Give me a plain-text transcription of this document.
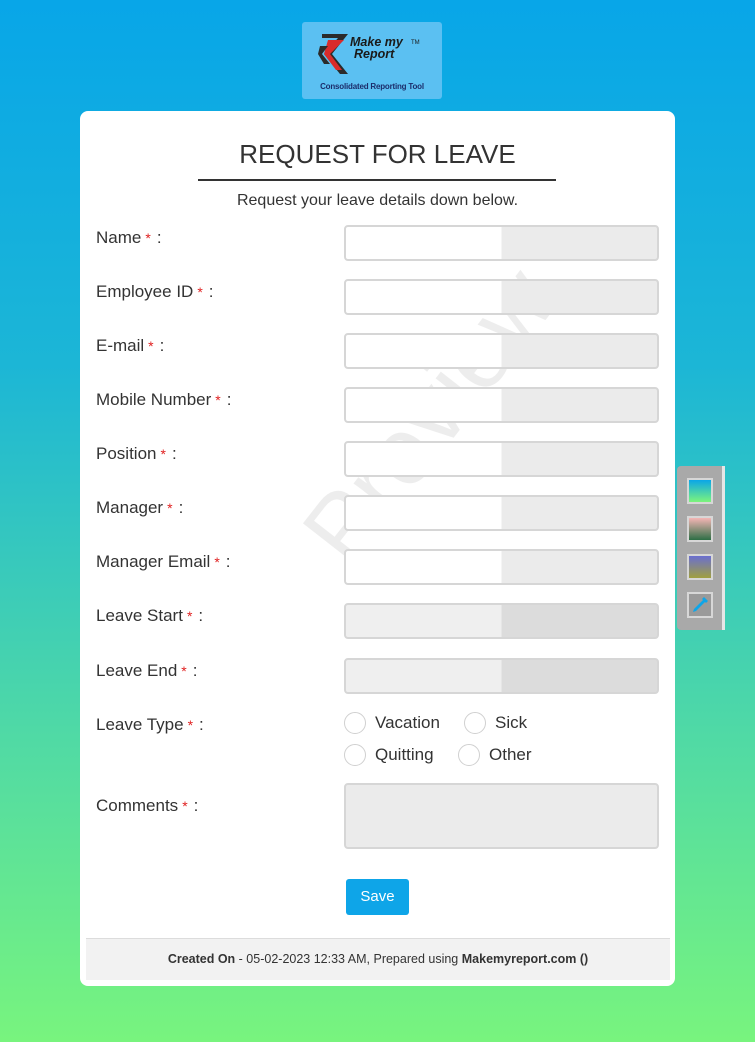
Make my
Report
TM
Consolidated Reporting Tool
REQUEST FOR LEAVE
Request your leave details down below.
Name * :
Employee ID * :
E-mail * :
Mobile Number * :
Position * :
Manager * :
Manager Email * :
Leave Start * :
Leave End * :
Leave Type * :	Vacation	Sick
Quitting	Other
Comments * :
Save
Created On - 05-02-2023 12:33 AM, Prepared using Makemyreport.com ()
